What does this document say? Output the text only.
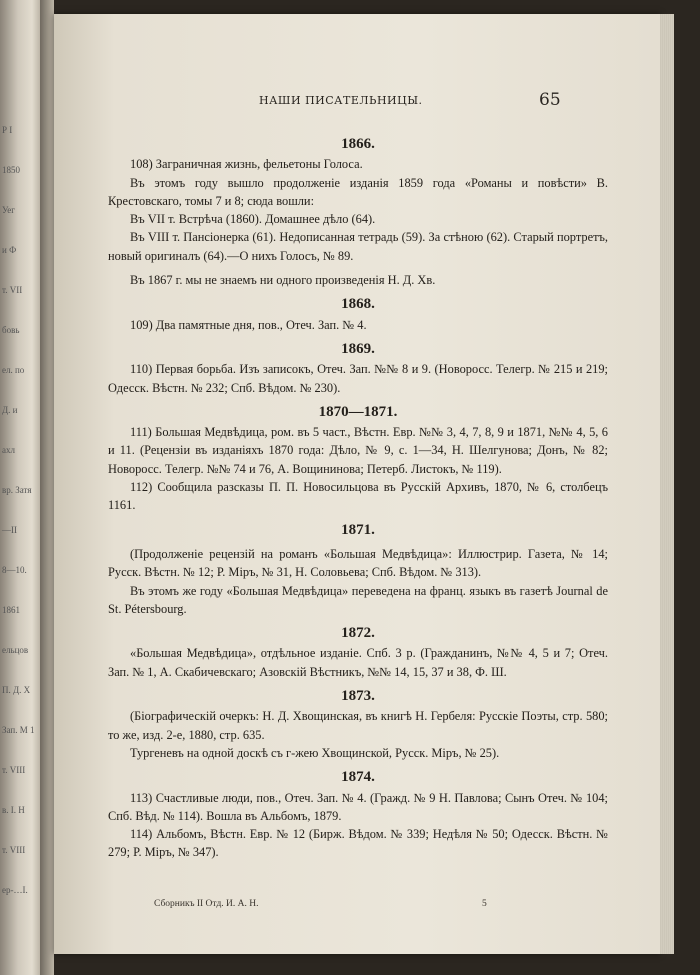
Р I
1850
Уег
и Ф
т. VII
бовь
ел. по
Д. и
ахл
вр. Затя
—ІІ
8—10.
1861
ельцов
П. Д. Х
Зап. М 1
т. VIII
в. І. Н
т. VIII
ер-…I.
НАШИ ПИСАТЕЛЬНИЦЫ.	65
1866.

108) Заграничная жизнь, фельетоны Голоса.

Въ этомъ году вышло продолженіе изданія 1859 года «Романы и повѣсти» В. Крестовскаго, томы 7 и 8; сюда вошли:

Въ VII т. Встрѣча (1860). Домашнее дѣло (64).

Въ VIII т. Пансіонерка (61). Недописанная тетрадь (59). За стѣною (62). Старый портретъ, новый оригиналъ (64).—О нихъ Голосъ, № 89.

Въ 1867 г. мы не знаемъ ни одного произведенія Н. Д. Хв.

1868.

109) Два памятные дня, пов., Отеч. Зап. № 4.

1869.

110) Первая борьба. Изъ записокъ, Отеч. Зап. №№ 8 и 9. (Новоросс. Телегр. № 215 и 219; Одесск. Вѣстн. № 232; Спб. Вѣдом. № 230).

1870—1871.

111) Большая Медвѣдица, ром. въ 5 част., Вѣстн. Евр. №№ 3, 4, 7, 8, 9 и 1871, №№ 4, 5, 6 и 11. (Рецензіи въ изданіяхъ 1870 года: Дѣло, № 9, с. 1—34, Н. Шелгунова; Донъ, № 82; Новоросс. Телегр. №№ 74 и 76, А. Вощининова; Петерб. Листокъ, № 119).

112) Сообщила разсказы П. П. Новосильцова въ Русскій Архивъ, 1870, № 6, столбецъ 1161.

1871.

(Продолженіе рецензій на романъ «Большая Медвѣдица»: Иллюстрир. Газета, № 14; Русск. Вѣстн. № 12; Р. Міръ, № 31, Н. Соловьева; Спб. Вѣдом. № 313).

Въ этомъ же году «Большая Медвѣдица» переведена на франц. языкъ въ газетѣ Journal de St. Pétersbourg.

1872.

«Большая Медвѣдица», отдѣльное изданіе. Спб. 3 р. (Гражданинъ, №№ 4, 5 и 7; Отеч. Зап. № 1, А. Скабичевскаго; Азовскій Вѣстникъ, №№ 14, 15, 37 и 38, Ф. Ш.

1873.

(Біографическій очеркъ: Н. Д. Хвощинская, въ книгѣ Н. Гербеля: Русскіе Поэты, стр. 580; то же, изд. 2-е, 1880, стр. 635.

Тургеневъ на одной доскѣ съ г-жею Хвощинской, Русск. Міръ, № 25).

1874.

113) Счастливые люди, пов., Отеч. Зап. № 4. (Гражд. № 9 Н. Павлова; Сынъ Отеч. № 104; Спб. Вѣд. № 114). Вошла въ Альбомъ, 1879.

114) Альбомъ, Вѣстн. Евр. № 12 (Бирж. Вѣдом. № 339; Недѣля № 50; Одесск. Вѣстн. № 279; Р. Міръ, № 347).

Сборникъ II Отд. И. А. Н.	5
